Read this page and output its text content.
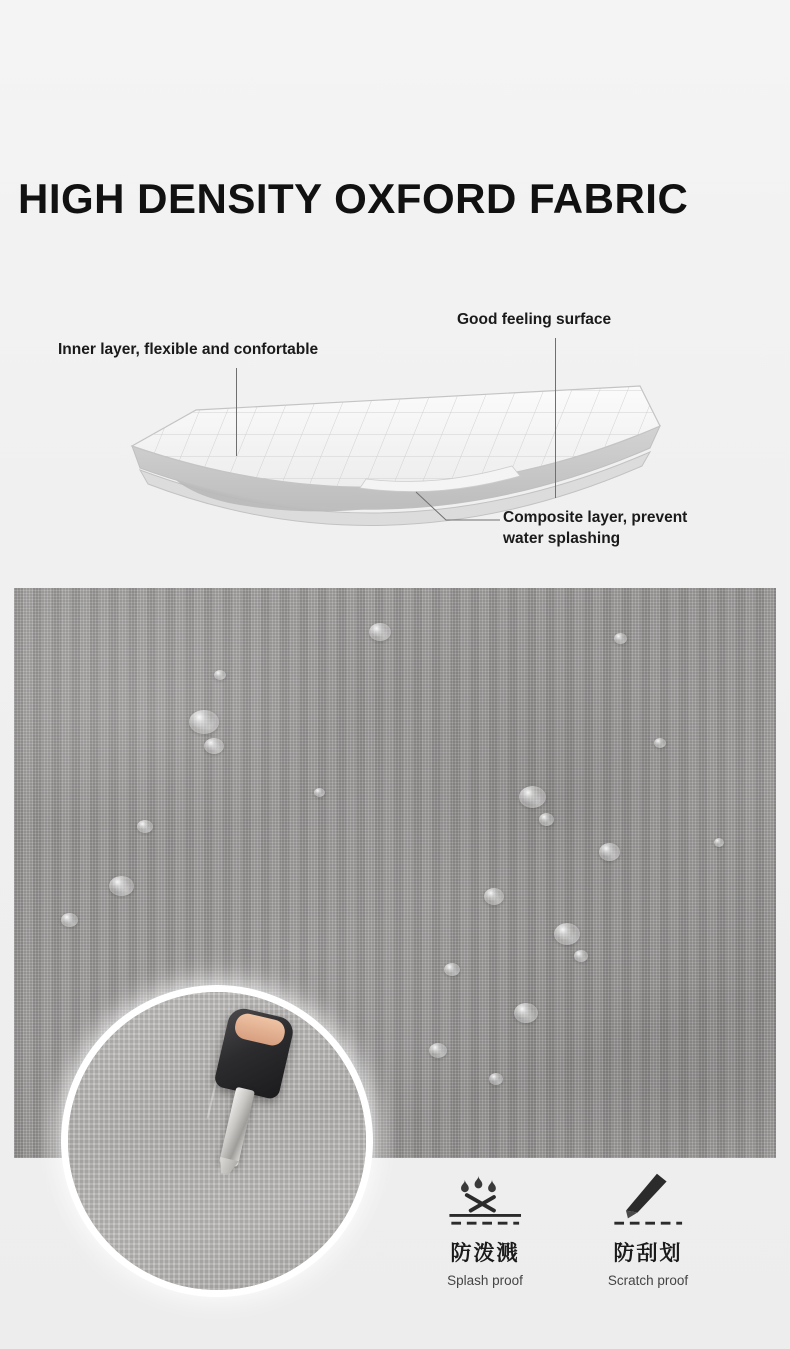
HIGH DENSITY OXFORD FABRIC
Inner layer, flexible and confortable
Good feeling surface
Composite layer, prevent
water splashing
防泼溅
Splash proof
防刮划
Scratch proof
